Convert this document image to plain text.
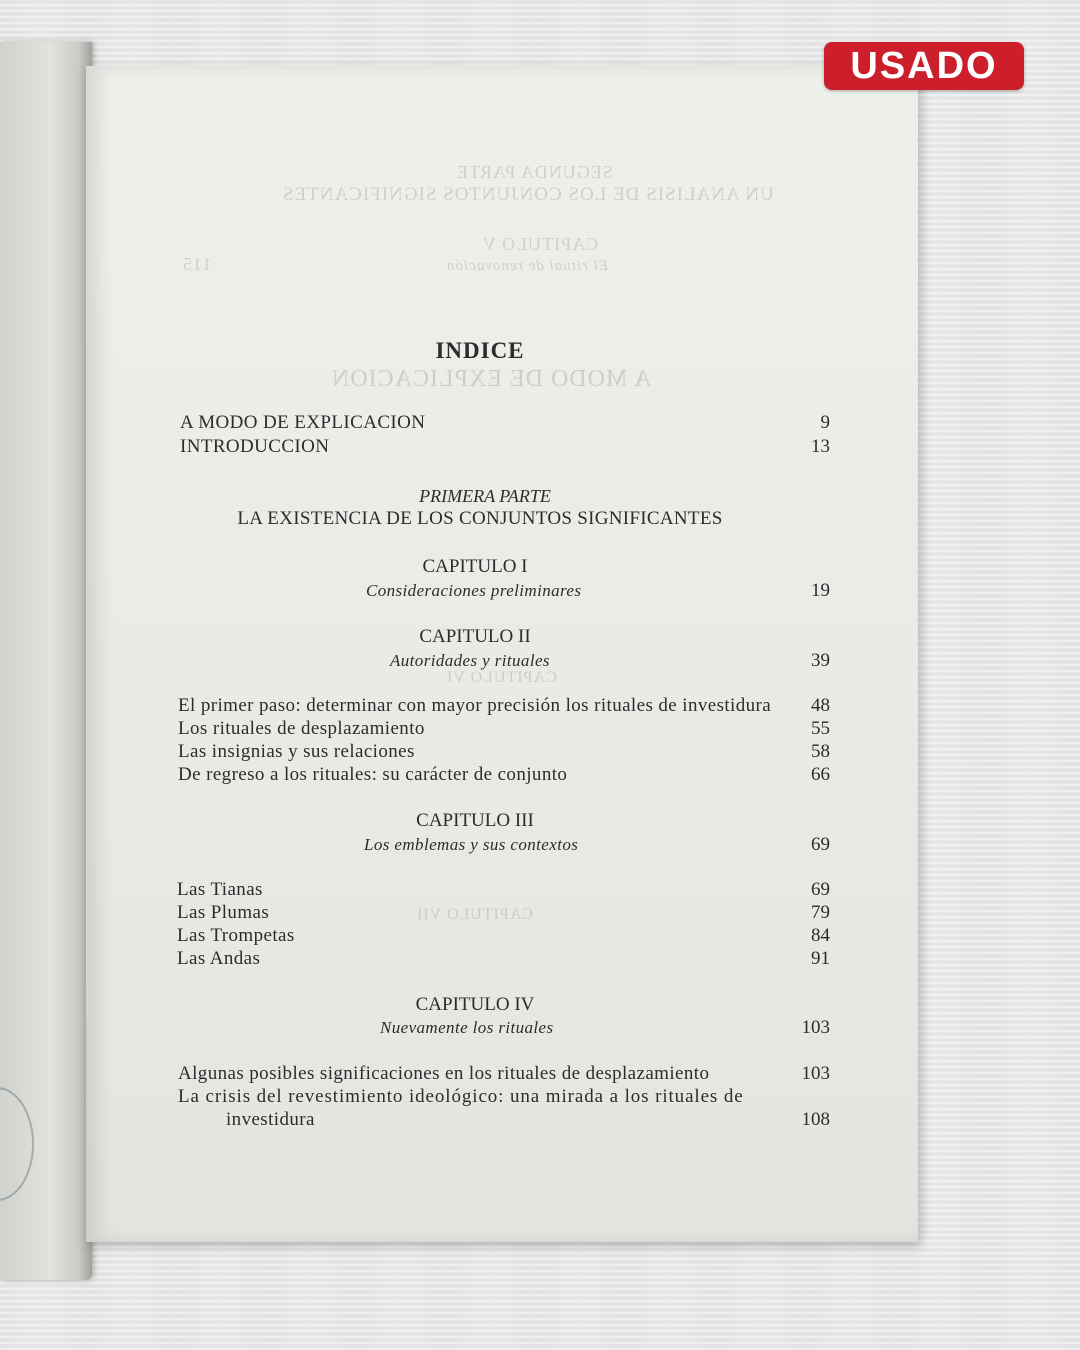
SEGUNDA PARTE
UN ANALISIS DE LOS CONJUNTOS SIGNIFICANTES
CAPITULO V
El ritual de renovación
115
A MODO DE EXPLICACION
CAPITULO VI
CAPITULO VII
USADO
INDICE
A MODO DE EXPLICACION	9
INTRODUCCION	13
PRIMERA PARTE
LA EXISTENCIA DE LOS CONJUNTOS SIGNIFICANTES
CAPITULO I
Consideraciones preliminares	19
CAPITULO II
Autoridades y rituales	39
El primer paso: determinar con mayor precisión los rituales de investidura	48
Los rituales de desplazamiento	55
Las insignias y sus relaciones	58
De regreso a los rituales: su carácter de conjunto	66
CAPITULO III
Los emblemas y sus contextos	69
Las Tianas	69
Las Plumas	79
Las Trompetas	84
Las Andas	91
CAPITULO IV
Nuevamente los rituales	103
Algunas posibles significaciones en los rituales de desplazamiento	103
La crisis del revestimiento ideológico: una mirada a los rituales de
investidura	108
